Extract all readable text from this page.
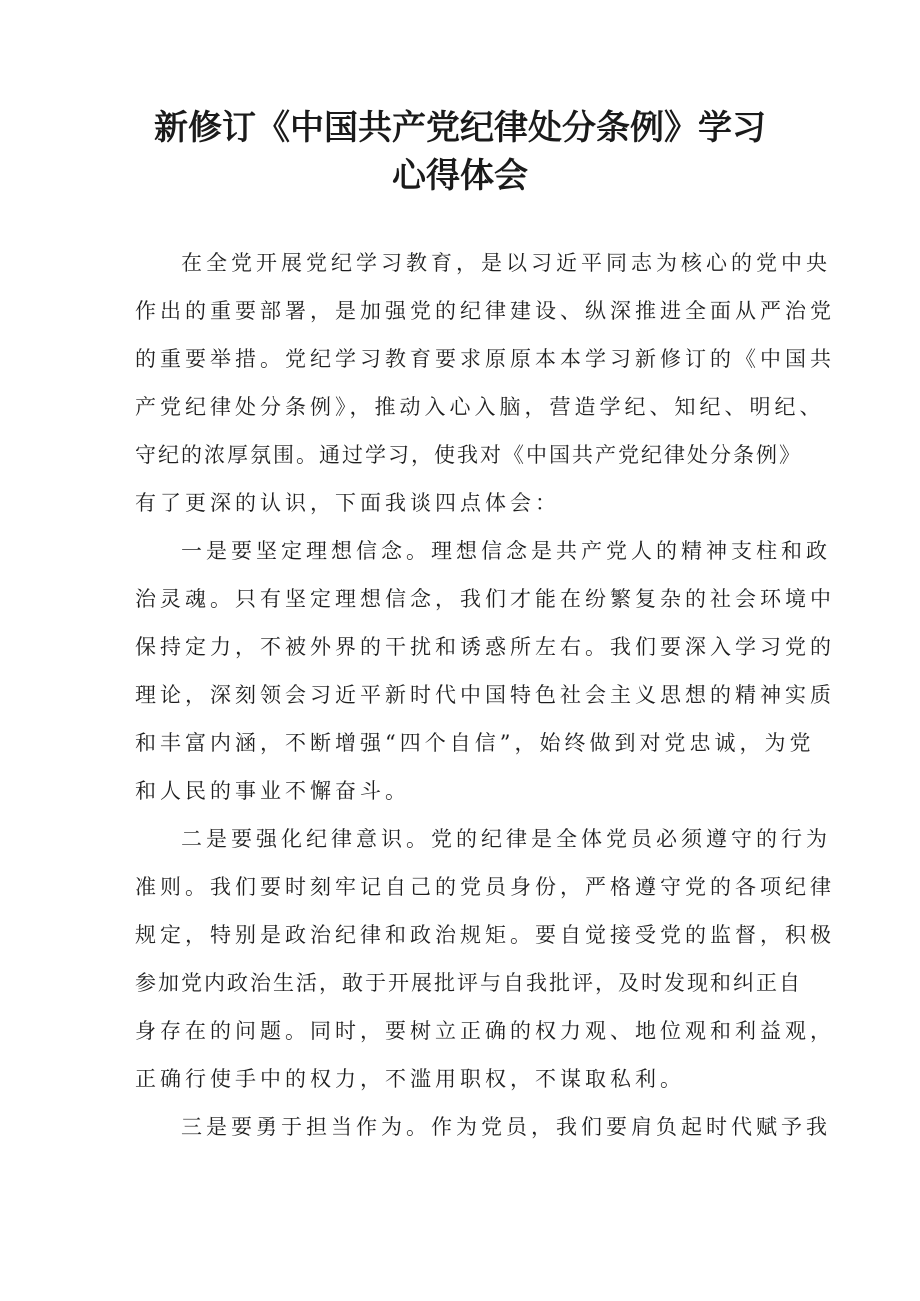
新修订《中国共产党纪律处分条例》学习
心得体会

在全党开展党纪学习教育，是以习近平同志为核心的党中央

作出的重要部署，是加强党的纪律建设、纵深推进全面从严治党

的重要举措。党纪学习教育要求原原本本学习新修订的《中国共

产党纪律处分条例》，推动入心入脑，营造学纪、知纪、明纪、

守纪的浓厚氛围。通过学习，使我对《中国共产党纪律处分条例》

有了更深的认识，下面我谈四点体会：

一是要坚定理想信念。理想信念是共产党人的精神支柱和政

治灵魂。只有坚定理想信念，我们才能在纷繁复杂的社会环境中

保持定力，不被外界的干扰和诱惑所左右。我们要深入学习党的

理论，深刻领会习近平新时代中国特色社会主义思想的精神实质

和丰富内涵，不断增强“四个自信”，始终做到对党忠诚，为党

和人民的事业不懈奋斗。

二是要强化纪律意识。党的纪律是全体党员必须遵守的行为

准则。我们要时刻牢记自己的党员身份，严格遵守党的各项纪律

规定，特别是政治纪律和政治规矩。要自觉接受党的监督，积极

参加党内政治生活，敢于开展批评与自我批评，及时发现和纠正自

身存在的问题。同时，要树立正确的权力观、地位观和利益观，

正确行使手中的权力，不滥用职权，不谋取私利。

三是要勇于担当作为。作为党员，我们要肩负起时代赋予我
